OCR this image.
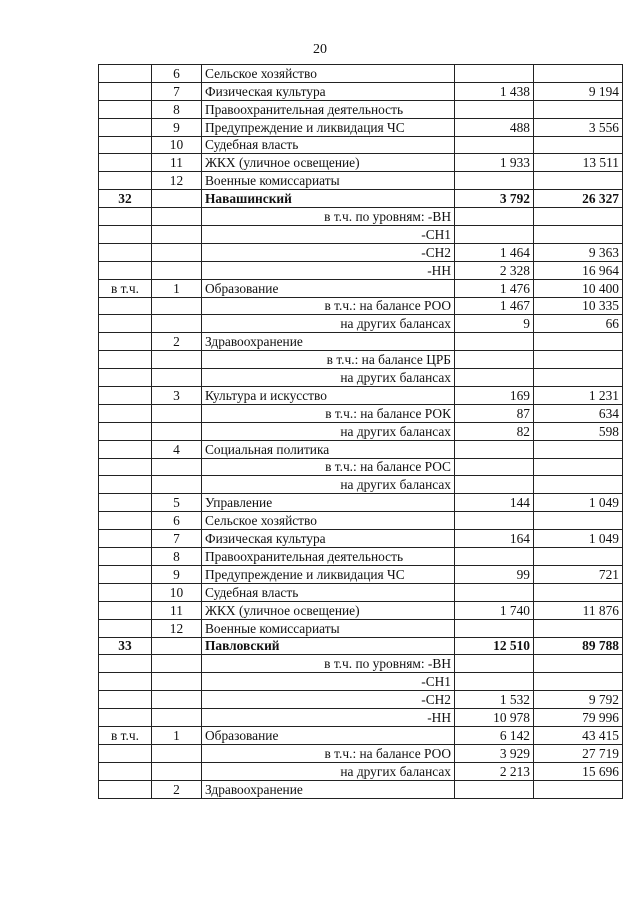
20
	6	Сельское хозяйство		
	7	Физическая культура	1 438	9 194
	8	Правоохранительная деятельность		
	9	Предупреждение и ликвидация ЧС	488	3 556
	10	Судебная власть		
	11	ЖКХ (уличное освещение)	1 933	13 511
	12	Военные комиссариаты		
32		Навашинский	3 792	26 327
		в т.ч. по уровням: -ВН		
		-СН1		
		-СН2	1 464	9 363
		-НН	2 328	16 964
в т.ч.	1	Образование	1 476	10 400
		в т.ч.: на балансе РОО	1 467	10 335
		на других балансах	9	66
	2	Здравоохранение		
		в т.ч.: на балансе ЦРБ		
		на других балансах		
	3	Культура и искусство	169	1 231
		в т.ч.: на балансе РОК	87	634
		на других балансах	82	598
	4	Социальная политика		
		в т.ч.: на балансе РОС		
		на других балансах		
	5	Управление	144	1 049
	6	Сельское хозяйство		
	7	Физическая культура	164	1 049
	8	Правоохранительная деятельность		
	9	Предупреждение и ликвидация ЧС	99	721
	10	Судебная власть		
	11	ЖКХ (уличное освещение)	1 740	11 876
	12	Военные комиссариаты		
33		Павловский	12 510	89 788
		в т.ч. по уровням: -ВН		
		-СН1		
		-СН2	1 532	9 792
		-НН	10 978	79 996
в т.ч.	1	Образование	6 142	43 415
		в т.ч.: на балансе РОО	3 929	27 719
		на других балансах	2 213	15 696
	2	Здравоохранение		
